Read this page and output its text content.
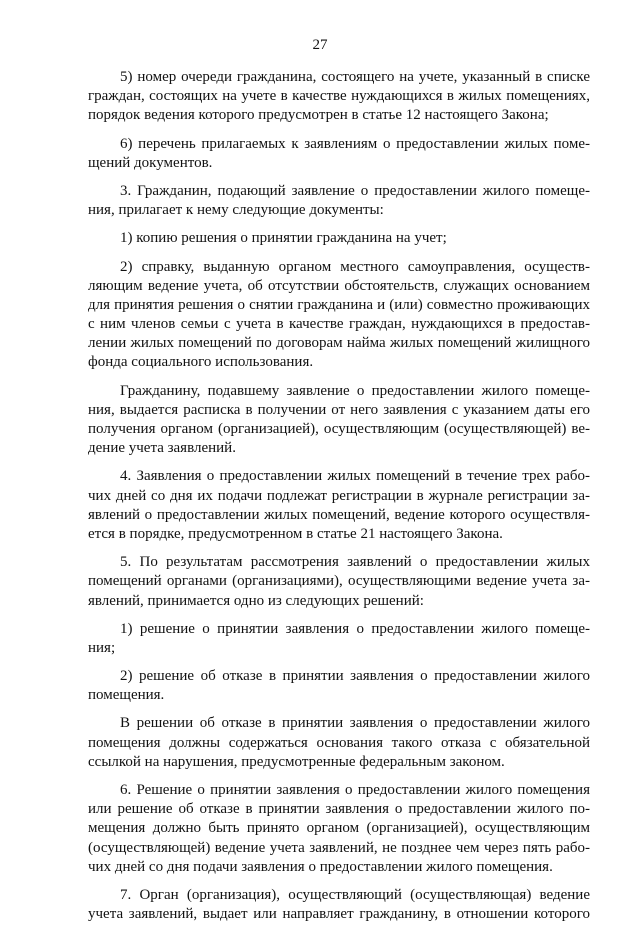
27
5) номер очереди гражданина, состоящего на учете, указанный в списке
граждан, состоящих на учете в качестве нуждающихся в жилых помещениях,
порядок ведения которого предусмотрен в статье 12 настоящего Закона;
6) перечень прилагаемых к заявлениям о предоставлении жилых поме-
щений документов.
3. Гражданин, подающий заявление о предоставлении жилого помеще-
ния, прилагает к нему следующие документы:
1) копию решения о принятии гражданина на учет;
2) справку, выданную органом местного самоуправления, осуществ-
ляющим ведение учета, об отсутствии обстоятельств, служащих основанием
для принятия решения о снятии гражданина и (или) совместно проживающих
с ним членов семьи с учета в качестве граждан, нуждающихся в предостав-
лении жилых помещений по договорам найма жилых помещений жилищного
фонда социального использования.
Гражданину, подавшему заявление о предоставлении жилого помеще-
ния, выдается расписка в получении от него заявления с указанием даты его
получения органом (организацией), осуществляющим (осуществляющей) ве-
дение учета заявлений.
4. Заявления о предоставлении жилых помещений в течение трех рабо-
чих дней со дня их подачи подлежат регистрации в журнале регистрации за-
явлений о предоставлении жилых помещений, ведение которого осуществля-
ется в порядке, предусмотренном в статье 21 настоящего Закона.
5. По результатам рассмотрения заявлений о предоставлении жилых
помещений органами (организациями), осуществляющими ведение учета за-
явлений, принимается одно из следующих решений:
1) решение о принятии заявления о предоставлении жилого помеще-
ния;
2) решение об отказе в принятии заявления о предоставлении жилого
помещения.
В решении об отказе в принятии заявления о предоставлении жилого
помещения должны содержаться основания такого отказа с обязательной
ссылкой на нарушения, предусмотренные федеральным законом.
6. Решение о принятии заявления о предоставлении жилого помещения
или решение об отказе в принятии заявления о предоставлении жилого по-
мещения должно быть принято органом (организацией), осуществляющим
(осуществляющей) ведение учета заявлений, не позднее чем через пять рабо-
чих дней со дня подачи заявления о предоставлении жилого помещения.
7. Орган (организация), осуществляющий (осуществляющая) ведение
учета заявлений, выдает или направляет гражданину, в отношении которого
